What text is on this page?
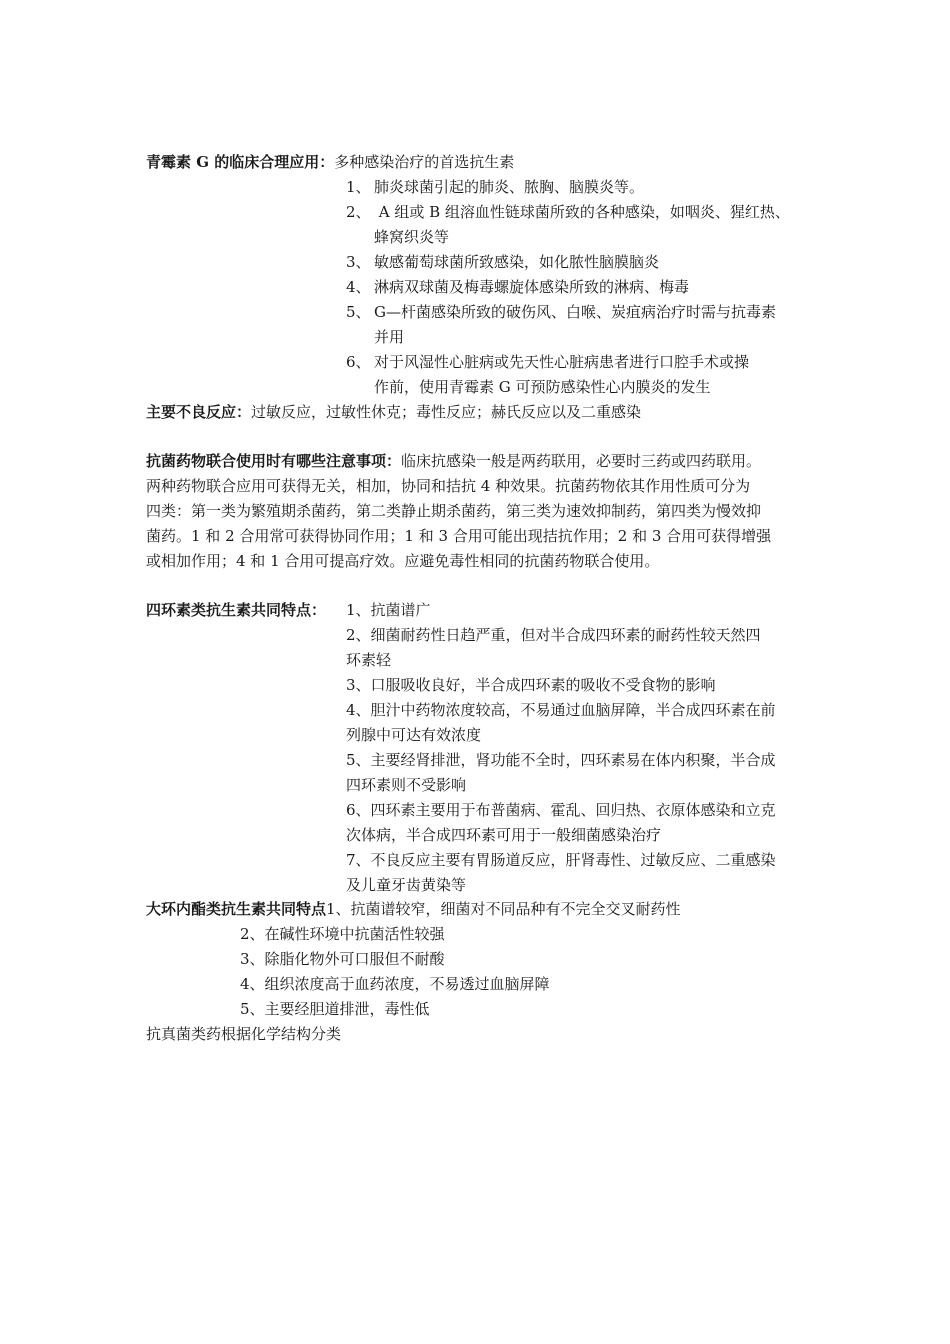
青霉素 G 的临床合理应用：多种感染治疗的首选抗生素
1、 肺炎球菌引起的肺炎、脓胸、脑膜炎等。
2、 A 组或 B 组溶血性链球菌所致的各种感染，如咽炎、猩红热、
蜂窝织炎等
3、 敏感葡萄球菌所致感染，如化脓性脑膜脑炎
4、 淋病双球菌及梅毒螺旋体感染所致的淋病、梅毒
5、 G—杆菌感染所致的破伤风、白喉、炭疽病治疗时需与抗毒素
并用
6、 对于风湿性心脏病或先天性心脏病患者进行口腔手术或操
作前，使用青霉素 G 可预防感染性心内膜炎的发生
主要不良反应：过敏反应，过敏性休克；毒性反应；赫氏反应以及二重感染
抗菌药物联合使用时有哪些注意事项：临床抗感染一般是两药联用，必要时三药或四药联用。
两种药物联合应用可获得无关，相加，协同和拮抗 4 种效果。抗菌药物依其作用性质可分为
四类：第一类为繁殖期杀菌药，第二类静止期杀菌药，第三类为速效抑制药，第四类为慢效抑
菌药。1 和 2 合用常可获得协同作用；1 和 3 合用可能出现拮抗作用；2 和 3 合用可获得增强
或相加作用；4 和 1 合用可提高疗效。应避免毒性相同的抗菌药物联合使用。
四环素类抗生素共同特点： 1、抗菌谱广
2、细菌耐药性日趋严重，但对半合成四环素的耐药性较天然四
环素轻
3、口服吸收良好，半合成四环素的吸收不受食物的影响
4、胆汁中药物浓度较高，不易通过血脑屏障，半合成四环素在前
列腺中可达有效浓度
5、主要经肾排泄，肾功能不全时，四环素易在体内积聚，半合成
四环素则不受影响
6、四环素主要用于布普菌病、霍乱、回归热、衣原体感染和立克
次体病，半合成四环素可用于一般细菌感染治疗
7、不良反应主要有胃肠道反应，肝肾毒性、过敏反应、二重感染
及儿童牙齿黄染等
大环内酯类抗生素共同特点1、抗菌谱较窄，细菌对不同品种有不完全交叉耐药性
2、在碱性环境中抗菌活性较强
3、除脂化物外可口服但不耐酸
4、组织浓度高于血药浓度，不易透过血脑屏障
5、主要经胆道排泄，毒性低
抗真菌类药根据化学结构分类
